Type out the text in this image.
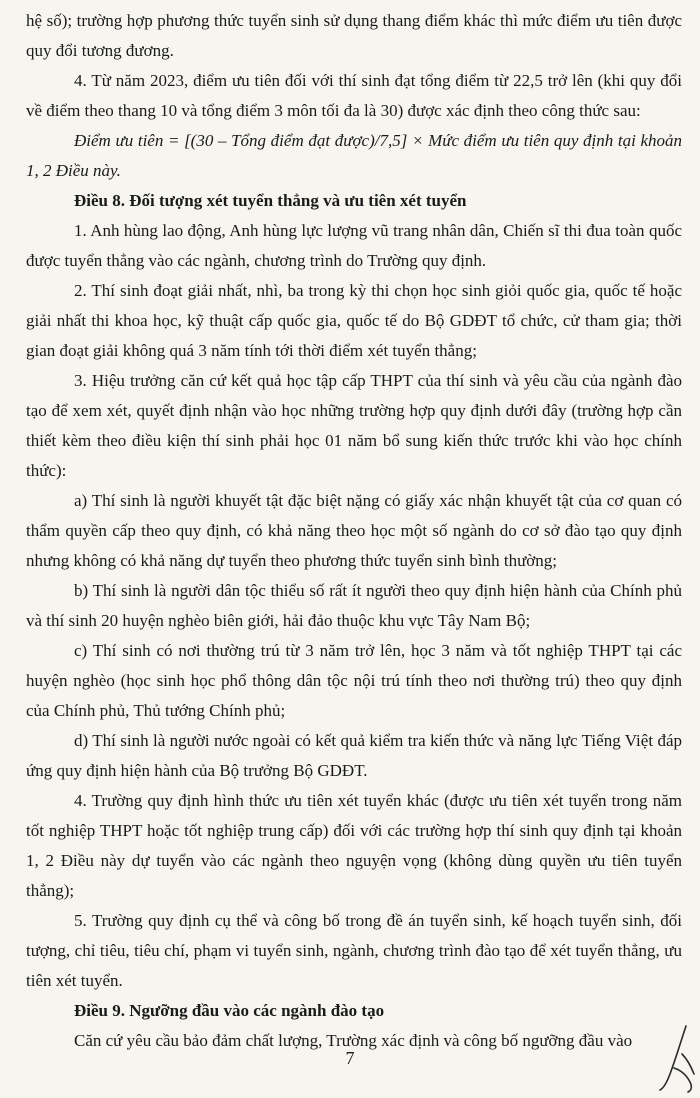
hệ số); trường hợp phương thức tuyển sinh sử dụng thang điểm khác thì mức điểm ưu tiên được quy đổi tương đương.

4. Từ năm 2023, điểm ưu tiên đối với thí sinh đạt tổng điểm từ 22,5 trở lên (khi quy đổi về điểm theo thang 10 và tổng điểm 3 môn tối đa là 30) được xác định theo công thức sau:

Điểm ưu tiên = [(30 – Tổng điểm đạt được)/7,5] × Mức điểm ưu tiên quy định tại khoản 1, 2 Điều này.

Điều 8. Đối tượng xét tuyển thẳng và ưu tiên xét tuyển

1. Anh hùng lao động, Anh hùng lực lượng vũ trang nhân dân, Chiến sĩ thi đua toàn quốc được tuyển thẳng vào các ngành, chương trình do Trường quy định.

2. Thí sinh đoạt giải nhất, nhì, ba trong kỳ thi chọn học sinh giỏi quốc gia, quốc tế hoặc giải nhất thi khoa học, kỹ thuật cấp quốc gia, quốc tế do Bộ GDĐT tổ chức, cử tham gia; thời gian đoạt giải không quá 3 năm tính tới thời điểm xét tuyển thẳng;

3. Hiệu trưởng căn cứ kết quả học tập cấp THPT của thí sinh và yêu cầu của ngành đào tạo để xem xét, quyết định nhận vào học những trường hợp quy định dưới đây (trường hợp cần thiết kèm theo điều kiện thí sinh phải học 01 năm bổ sung kiến thức trước khi vào học chính thức):

a) Thí sinh là người khuyết tật đặc biệt nặng có giấy xác nhận khuyết tật của cơ quan có thẩm quyền cấp theo quy định, có khả năng theo học một số ngành do cơ sở đào tạo quy định nhưng không có khả năng dự tuyển theo phương thức tuyển sinh bình thường;

b) Thí sinh là người dân tộc thiểu số rất ít người theo quy định hiện hành của Chính phủ và thí sinh 20 huyện nghèo biên giới, hải đảo thuộc khu vực Tây Nam Bộ;

c) Thí sinh có nơi thường trú từ 3 năm trở lên, học 3 năm và tốt nghiệp THPT tại các huyện nghèo (học sinh học phổ thông dân tộc nội trú tính theo nơi thường trú) theo quy định của Chính phủ, Thủ tướng Chính phủ;

d) Thí sinh là người nước ngoài có kết quả kiểm tra kiến thức và năng lực Tiếng Việt đáp ứng quy định hiện hành của Bộ trưởng Bộ GDĐT.

4. Trường quy định hình thức ưu tiên xét tuyển khác (được ưu tiên xét tuyển trong năm tốt nghiệp THPT hoặc tốt nghiệp trung cấp) đối với các trường hợp thí sinh quy định tại khoản 1, 2 Điều này dự tuyển vào các ngành theo nguyện vọng (không dùng quyền ưu tiên tuyển thẳng);

5. Trường quy định cụ thể và công bố trong đề án tuyển sinh, kế hoạch tuyển sinh, đối tượng, chỉ tiêu, tiêu chí, phạm vi tuyển sinh, ngành, chương trình đào tạo để xét tuyển thẳng, ưu tiên xét tuyển.

Điều 9. Ngưỡng đầu vào các ngành đào tạo

Căn cứ yêu cầu bảo đảm chất lượng, Trường xác định và công bố ngưỡng đầu vào

7
